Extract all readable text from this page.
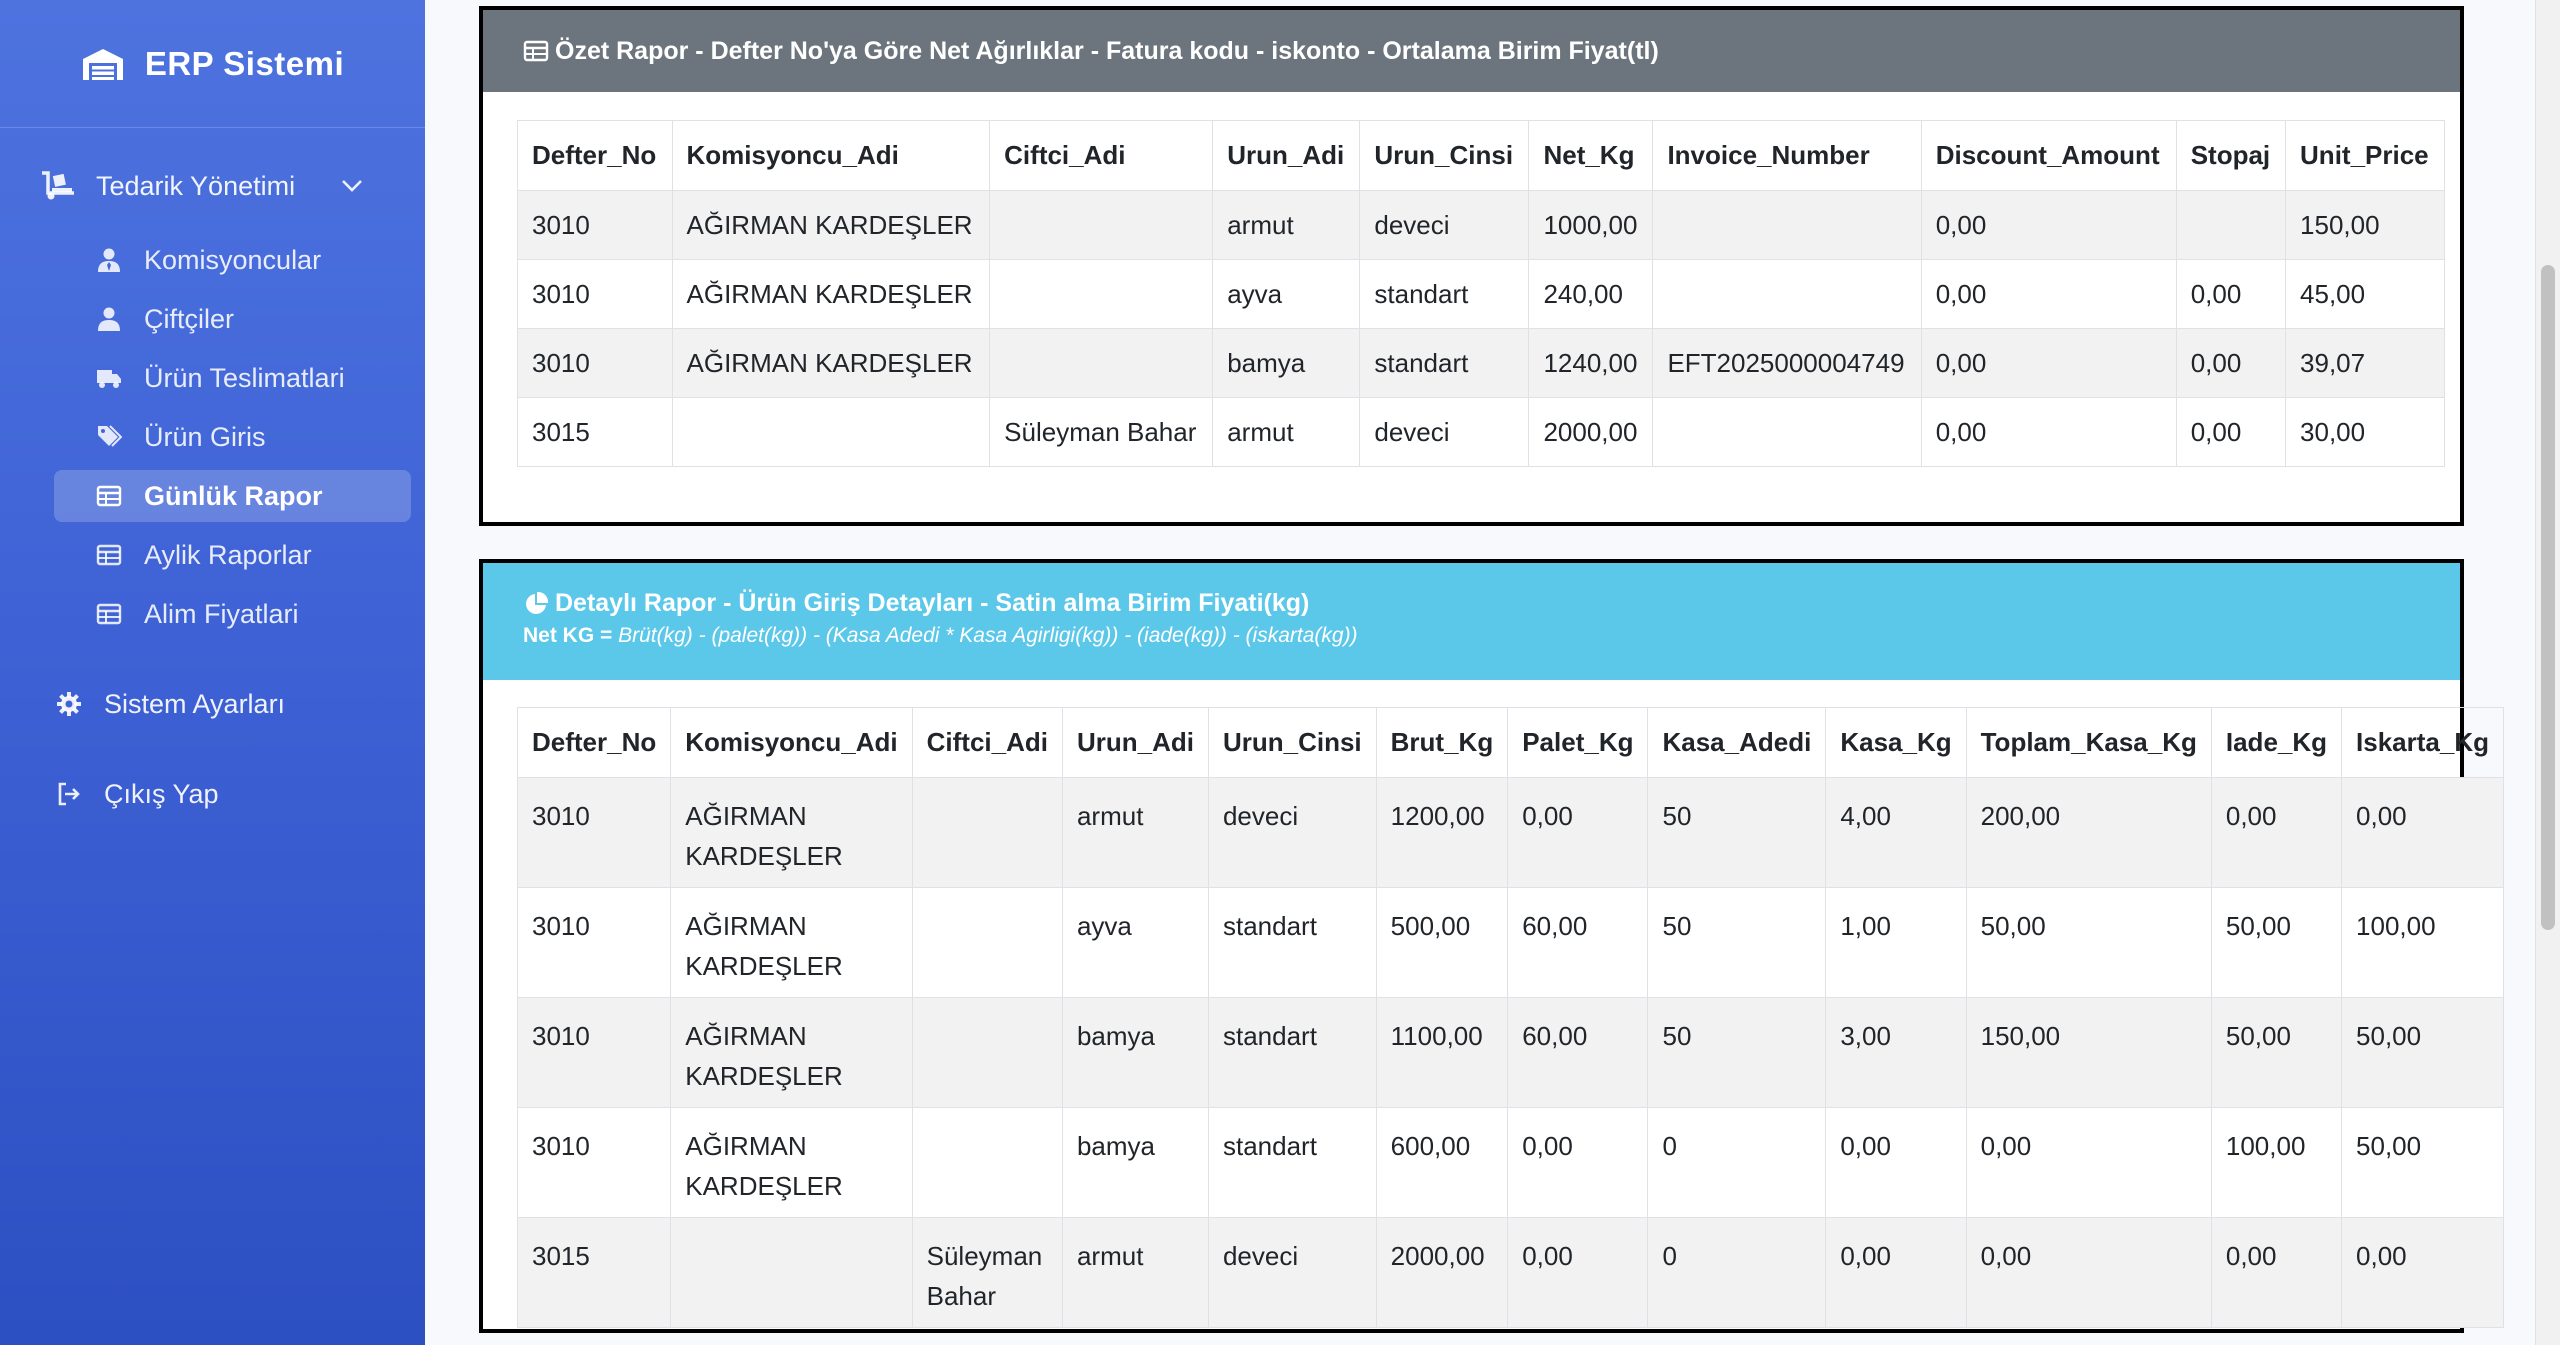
ERP Sistemi
Tedarik Yönetimi
Komisyoncular
Çiftçiler
Ürün Teslimatlari
Ürün Giris
Günlük Rapor
Aylik Raporlar
Alim Fiyatlari
Sistem Ayarları
Çıkış Yap
Özet Rapor - Defter No'ya Göre Net Ağırlıklar - Fatura kodu - iskonto - Ortalama Birim Fiyat(tl)
Defter_No	Komisyoncu_Adi	Ciftci_Adi	Urun_Adi	Urun_Cinsi	Net_Kg	Invoice_Number	Discount_Amount	Stopaj	Unit_Price
3010	AĞIRMAN KARDEŞLER		armut	deveci	1000,00		0,00		150,00
3010	AĞIRMAN KARDEŞLER		ayva	standart	240,00		0,00	0,00	45,00
3010	AĞIRMAN KARDEŞLER		bamya	standart	1240,00	EFT2025000004749	0,00	0,00	39,07
3015		Süleyman Bahar	armut	deveci	2000,00		0,00	0,00	30,00
Detaylı Rapor - Ürün Giriş Detayları - Satin alma Birim Fiyati(kg)
Net KG = Brüt(kg) - (palet(kg)) - (Kasa Adedi * Kasa Agirligi(kg)) - (iade(kg)) - (iskarta(kg))
Defter_No	Komisyoncu_Adi	Ciftci_Adi	Urun_Adi	Urun_Cinsi	Brut_Kg	Palet_Kg	Kasa_Adedi	Kasa_Kg	Toplam_Kasa_Kg	Iade_Kg	Iskarta_Kg
3010	AĞIRMAN KARDEŞLER		armut	deveci	1200,00	0,00	50	4,00	200,00	0,00	0,00
3010	AĞIRMAN KARDEŞLER		ayva	standart	500,00	60,00	50	1,00	50,00	50,00	100,00
3010	AĞIRMAN KARDEŞLER		bamya	standart	1100,00	60,00	50	3,00	150,00	50,00	50,00
3010	AĞIRMAN KARDEŞLER		bamya	standart	600,00	0,00	0	0,00	0,00	100,00	50,00
3015		Süleyman Bahar	armut	deveci	2000,00	0,00	0	0,00	0,00	0,00	0,00
